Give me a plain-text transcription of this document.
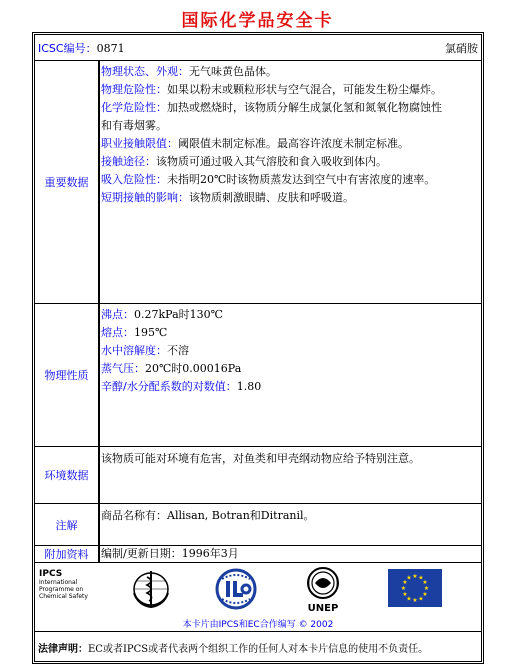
国际化学品安全卡
ICSC编号：0871	氯硝胺
重要数据
物理状态、外观：无气味黄色晶体。
物理危险性：如果以粉末或颗粒形状与空气混合，可能发生粉尘爆炸。
化学危险性：加热或燃烧时，该物质分解生成氯化氢和氮氧化物腐蚀性
和有毒烟雾。
职业接触限值：阈限值未制定标准。最高容许浓度未制定标准。
接触途径：该物质可通过吸入其气溶胶和食入吸收到体内。
吸入危险性：未指明20℃时该物质蒸发达到空气中有害浓度的速率。
短期接触的影响：该物质刺激眼睛、皮肤和呼吸道。
物理性质
沸点：0.27kPa时130℃
熔点：195℃
水中溶解度：不溶
蒸气压：20℃时0.00016Pa
辛醇/水分配系数的对数值：1.80
环境数据
该物质可能对环境有危害，对鱼类和甲壳纲动物应给予特别注意。
注解
商品名称有：Allisan, Botran和Ditranil。
附加资料	编制/更新日期：1996年3月
IPCS
International
Programme on
Chemical Safety
UNEP
★ ★
★
★
★
★
★
★
★
★
★
★
本卡片由IPCS和EC合作编写 © 2002
法律声明：EC或者IPCS或者代表两个组织工作的任何人对本卡片信息的使用不负责任。
